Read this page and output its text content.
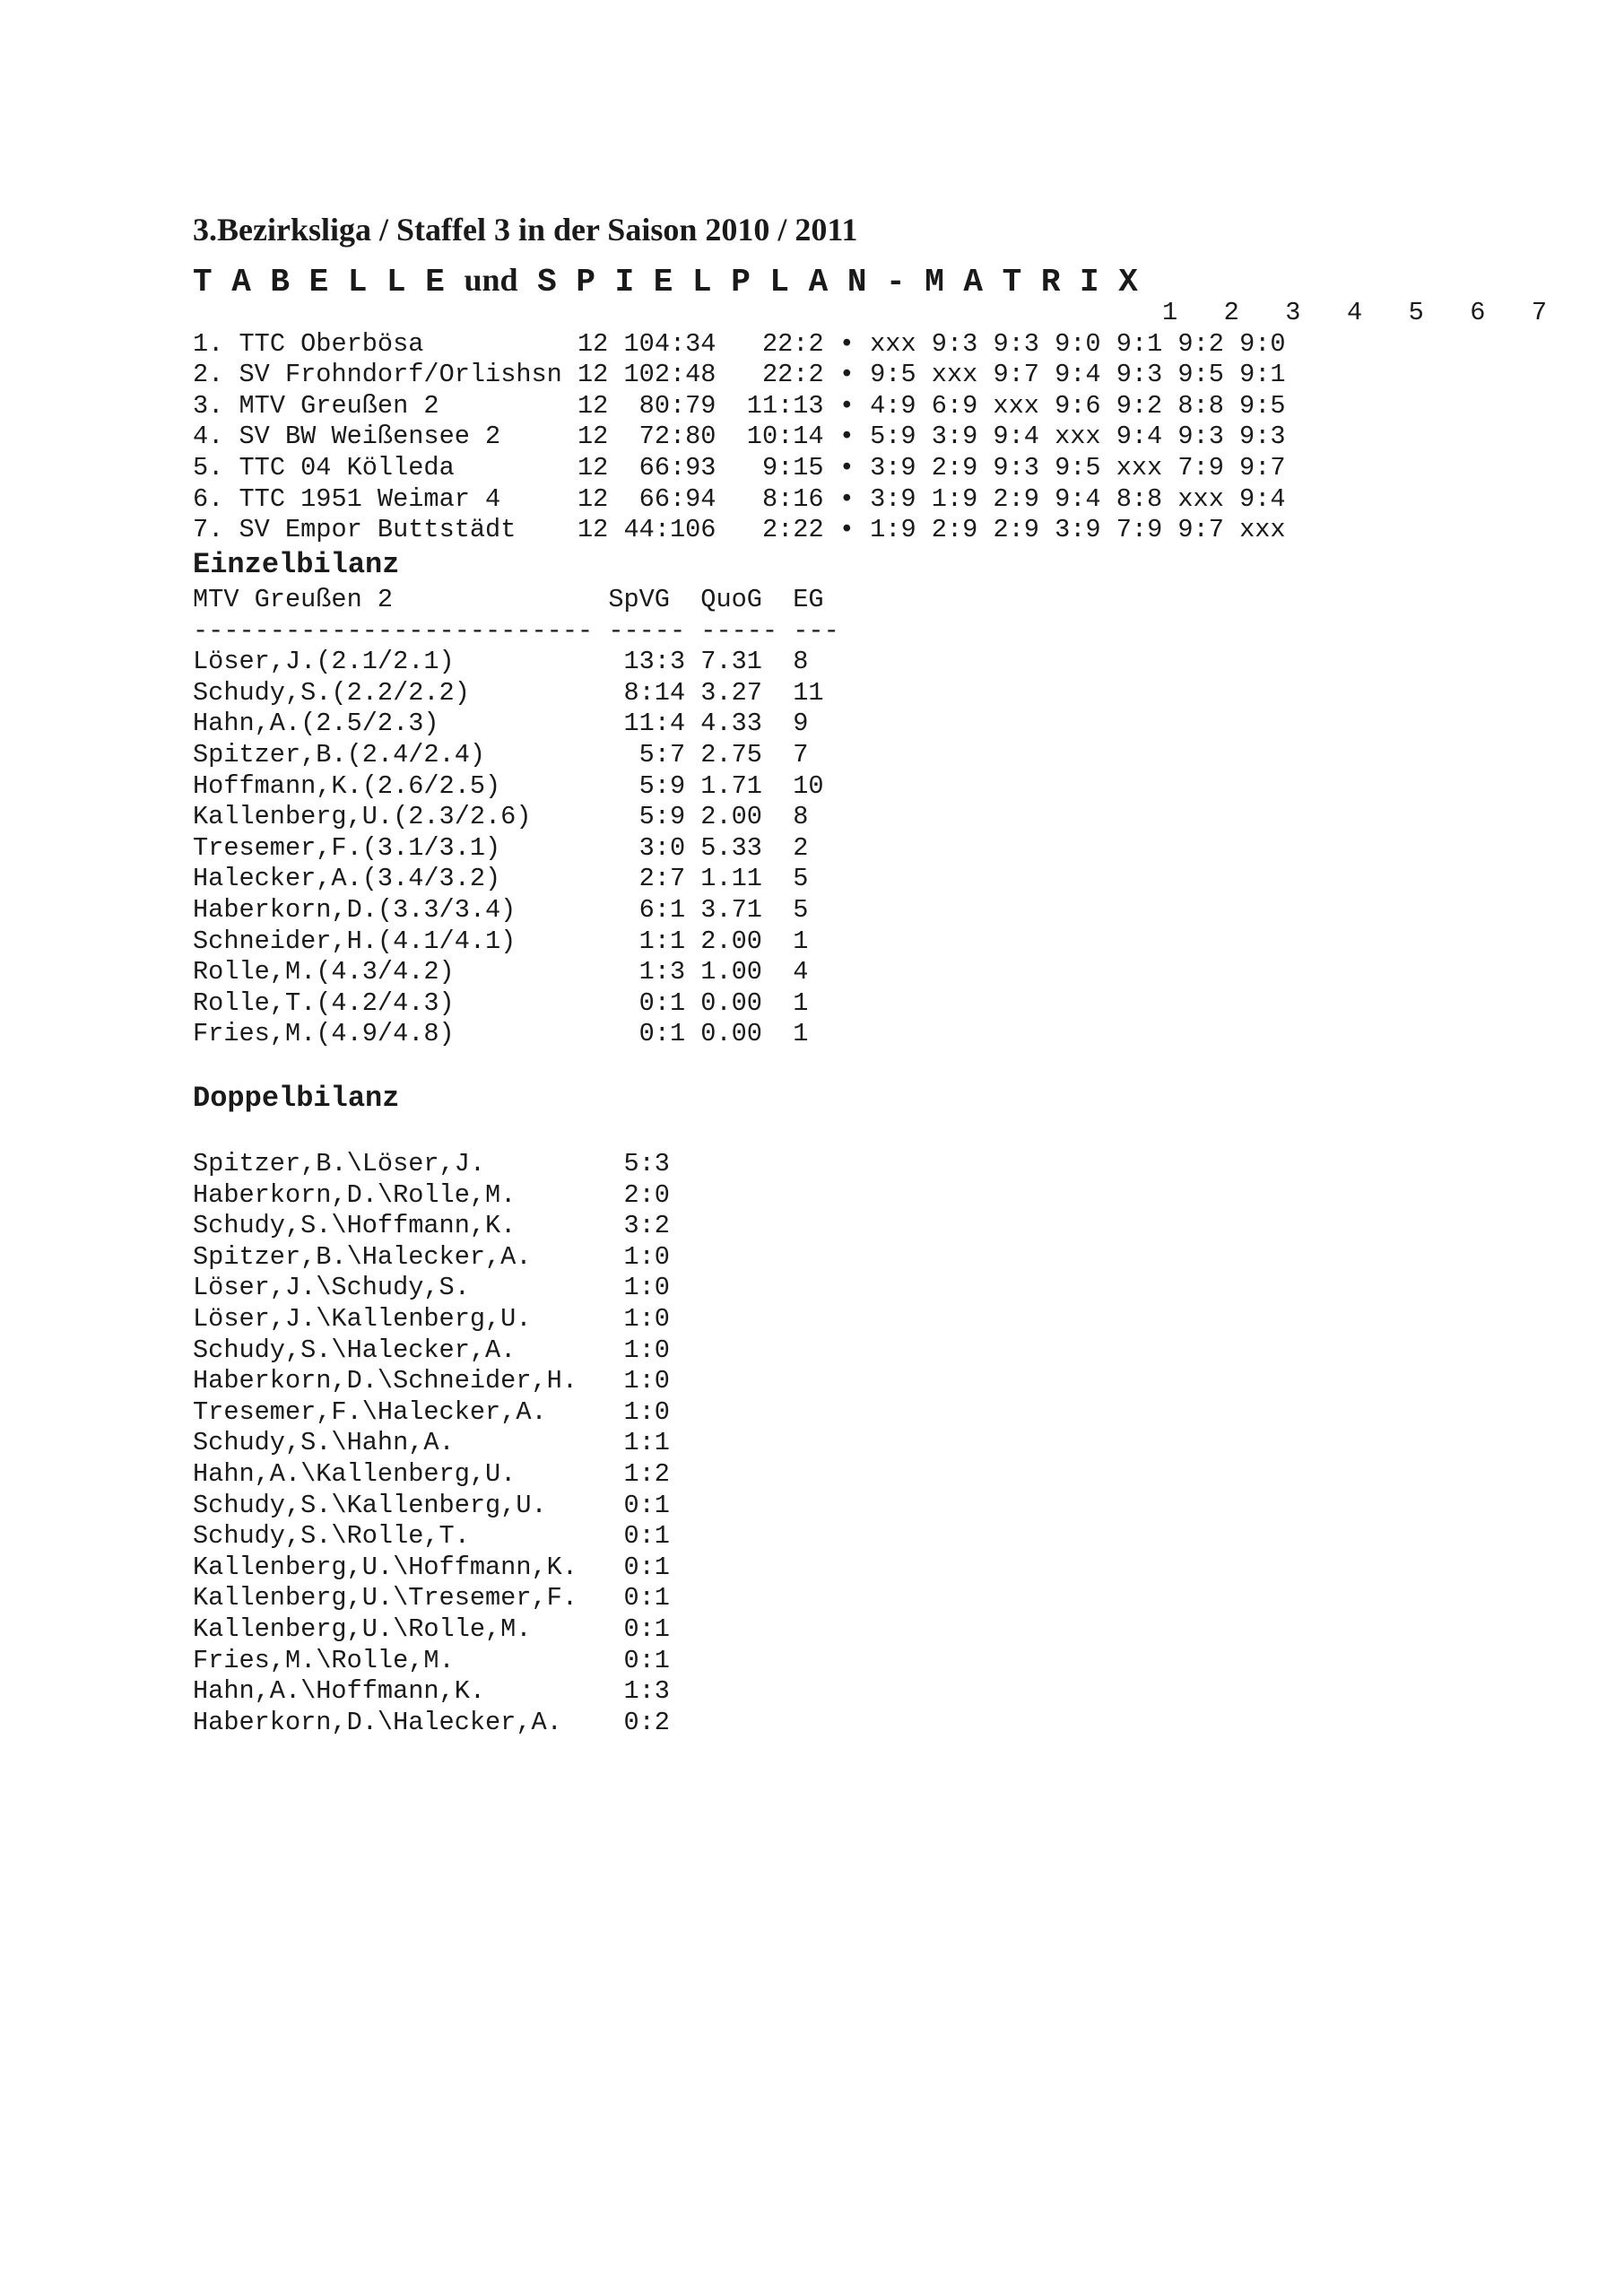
3.Bezirksliga / Staffel 3 in der Saison 2010 / 2011
T A B E L L E und S P I E L P L A N - M A T R I X
1   2   3   4   5   6   7
1. TTC Oberbösa	12 104:34 22:2 • xxx 9:3 9:3 9:0 9:1 9:2 9:0
2. SV Frohndorf/Orlishsn 12 102:48 22:2 • 9:5 xxx 9:7 9:4 9:3 9:5 9:1
3. MTV Greußen 2	12 80:79 11:13 • 4:9 6:9 xxx 9:6 9:2 8:8 9:5
4. SV BW Weißensee 2	12 72:80 10:14 • 5:9 3:9 9:4 xxx 9:4 9:3 9:3
5. TTC 04 Kölleda	12 66:93 9:15 • 3:9 2:9 9:3 9:5 xxx 7:9 9:7
6. TTC 1951 Weimar 4	12 66:94 8:16 • 3:9 1:9 2:9 9:4 8:8 xxx 9:4
7. SV Empor Buttstädt 12 44:106 2:22 • 1:9 2:9 2:9 3:9 7:9 9:7 xxx
Einzelbilanz
MTV Greußen 2	SpVG QuoG EG
-------------------------- ----- ----- ---
Löser,J.(2.1/2.1)	13:3 7.31 8
Schudy,S.(2.2/2.2)	8:14 3.27 11
Hahn,A.(2.5/2.3)	11:4 4.33 9
Spitzer,B.(2.4/2.4)	5:7 2.75 7
Hoffmann,K.(2.6/2.5)	5:9 1.71 10
Kallenberg,U.(2.3/2.6)	5:9 2.00 8
Tresemer,F.(3.1/3.1)	3:0 5.33 2
Halecker,A.(3.4/3.2)	2:7 1.11 5
Haberkorn,D.(3.3/3.4)	6:1 3.71 5
Schneider,H.(4.1/4.1)	1:1 2.00 1
Rolle,M.(4.3/4.2)	1:3 1.00 4
Rolle,T.(4.2/4.3)	0:1 0.00 1
Fries,M.(4.9/4.8)	0:1 0.00 1
Doppelbilanz
Spitzer,B.\Löser,J.	5:3
Haberkorn,D.\Rolle,M.	2:0
Schudy,S.\Hoffmann,K.	3:2
Spitzer,B.\Halecker,A.	1:0
Löser,J.\Schudy,S.	1:0
Löser,J.\Kallenberg,U.	1:0
Schudy,S.\Halecker,A.	1:0
Haberkorn,D.\Schneider,H. 1:0
Tresemer,F.\Halecker,A.	1:0
Schudy,S.\Hahn,A.	1:1
Hahn,A.\Kallenberg,U.	1:2
Schudy,S.\Kallenberg,U.	0:1
Schudy,S.\Rolle,T.	0:1
Kallenberg,U.\Hoffmann,K. 0:1
Kallenberg,U.\Tresemer,F. 0:1
Kallenberg,U.\Rolle,M.	0:1
Fries,M.\Rolle,M.	0:1
Hahn,A.\Hoffmann,K.	1:3
Haberkorn,D.\Halecker,A. 0:2
